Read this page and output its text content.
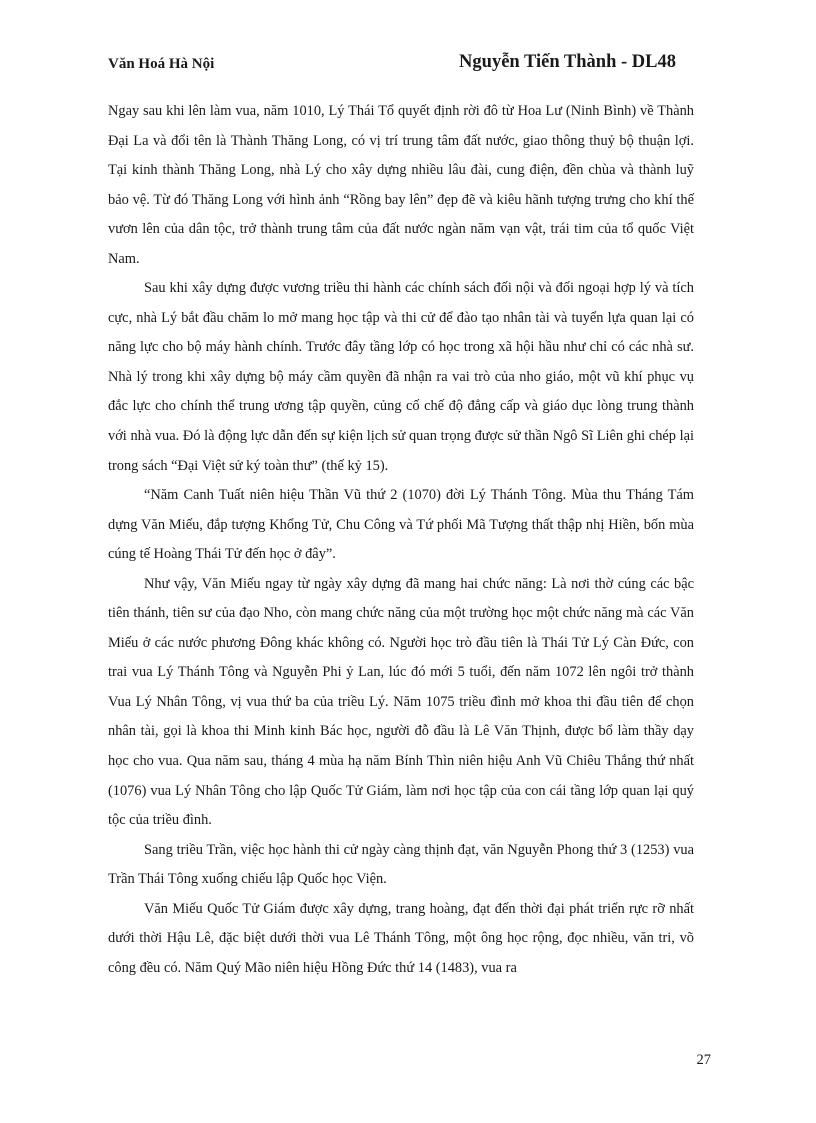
Văn Hoá Hà Nội	Nguyễn Tiến Thành - DL48

Ngay sau khi lên làm vua, năm 1010, Lý Thái Tổ quyết định rời đô từ Hoa Lư (Ninh Bình) về Thành Đại La và đổi tên là Thành Thăng Long, có vị trí trung tâm đất nước, giao thông thuỷ bộ thuận lợi. Tại kinh thành Thăng Long, nhà Lý cho xây dựng nhiều lâu đài, cung điện, đền chùa và thành luỹ bảo vệ. Từ đó Thăng Long với hình ảnh “Rồng bay lên” đẹp đẽ và kiêu hãnh tượng trưng cho khí thế vươn lên của dân tộc, trở thành trung tâm của đất nước ngàn năm vạn vật, trái tim của tổ quốc Việt Nam.

Sau khi xây dựng được vương triều thi hành các chính sách đối nội và đối ngoại hợp lý và tích cực, nhà Lý bắt đầu chăm lo mở mang học tập và thi cử để đào tạo nhân tài và tuyển lựa quan lại có năng lực cho bộ máy hành chính. Trước đây tầng lớp có học trong xã hội hầu như chỉ có các nhà sư. Nhà lý trong khi xây dựng bộ máy cầm quyền đã nhận ra vai trò của nho giáo, một vũ khí phục vụ đắc lực cho chính thể trung ương tập quyền, củng cố chế độ đẳng cấp và giáo dục lòng trung thành với nhà vua. Đó là động lực dẫn đến sự kiện lịch sử quan trọng được sử thần Ngô Sĩ Liên ghi chép lại trong sách “Đại Việt sử ký toàn thư” (thế kỷ 15).

“Năm Canh Tuất niên hiệu Thần Vũ thứ 2 (1070) đời Lý Thánh Tông. Mùa thu Tháng Tám dựng Văn Miếu, đắp tượng Khổng Tử, Chu Công và Tứ phối Mã Tượng thất thập nhị Hiền, bốn mùa cúng tế Hoàng Thái Tử đến học ở đây”.

Như vậy, Văn Miếu ngay từ ngày xây dựng đã mang hai chức năng: Là nơi thờ cúng các bậc tiên thánh, tiên sư của đạo Nho, còn mang chức năng của một trường học một chức năng mà các Văn Miếu ở các nước phương Đông khác không có. Người học trò đầu tiên là Thái Tử Lý Càn Đức, con trai vua Lý Thánh Tông và Nguyễn Phi ỷ Lan, lúc đó mới 5 tuổi, đến năm 1072 lên ngôi trở thành Vua Lý Nhân Tông, vị vua thứ ba của triều Lý. Năm 1075 triều đình mở khoa thi đầu tiên để chọn nhân tài, gọi là khoa thi Minh kinh Bác học, người đỗ đầu là Lê Văn Thịnh, được bổ làm thầy dạy học cho vua. Qua năm sau, tháng 4 mùa hạ năm Bính Thìn niên hiệu Anh Vũ Chiêu Thắng thứ nhất (1076) vua Lý Nhân Tông cho lập Quốc Tử Giám, làm nơi học tập của con cái tầng lớp quan lại quý tộc của triều đình.

Sang triều Trần, việc học hành thi cử ngày càng thịnh đạt, văn Nguyễn Phong thứ 3 (1253) vua Trần Thái Tông xuống chiếu lập Quốc học Viện.

Văn Miếu Quốc Tử Giám được xây dựng, trang hoàng, đạt đến thời đại phát triển rực rỡ nhất dưới thời Hậu Lê, đặc biệt dưới thời vua Lê Thánh Tông, một ông học rộng, đọc nhiều, văn tri, võ công đều có. Năm Quý Mão niên hiệu Hồng Đức thứ 14 (1483), vua ra

27
